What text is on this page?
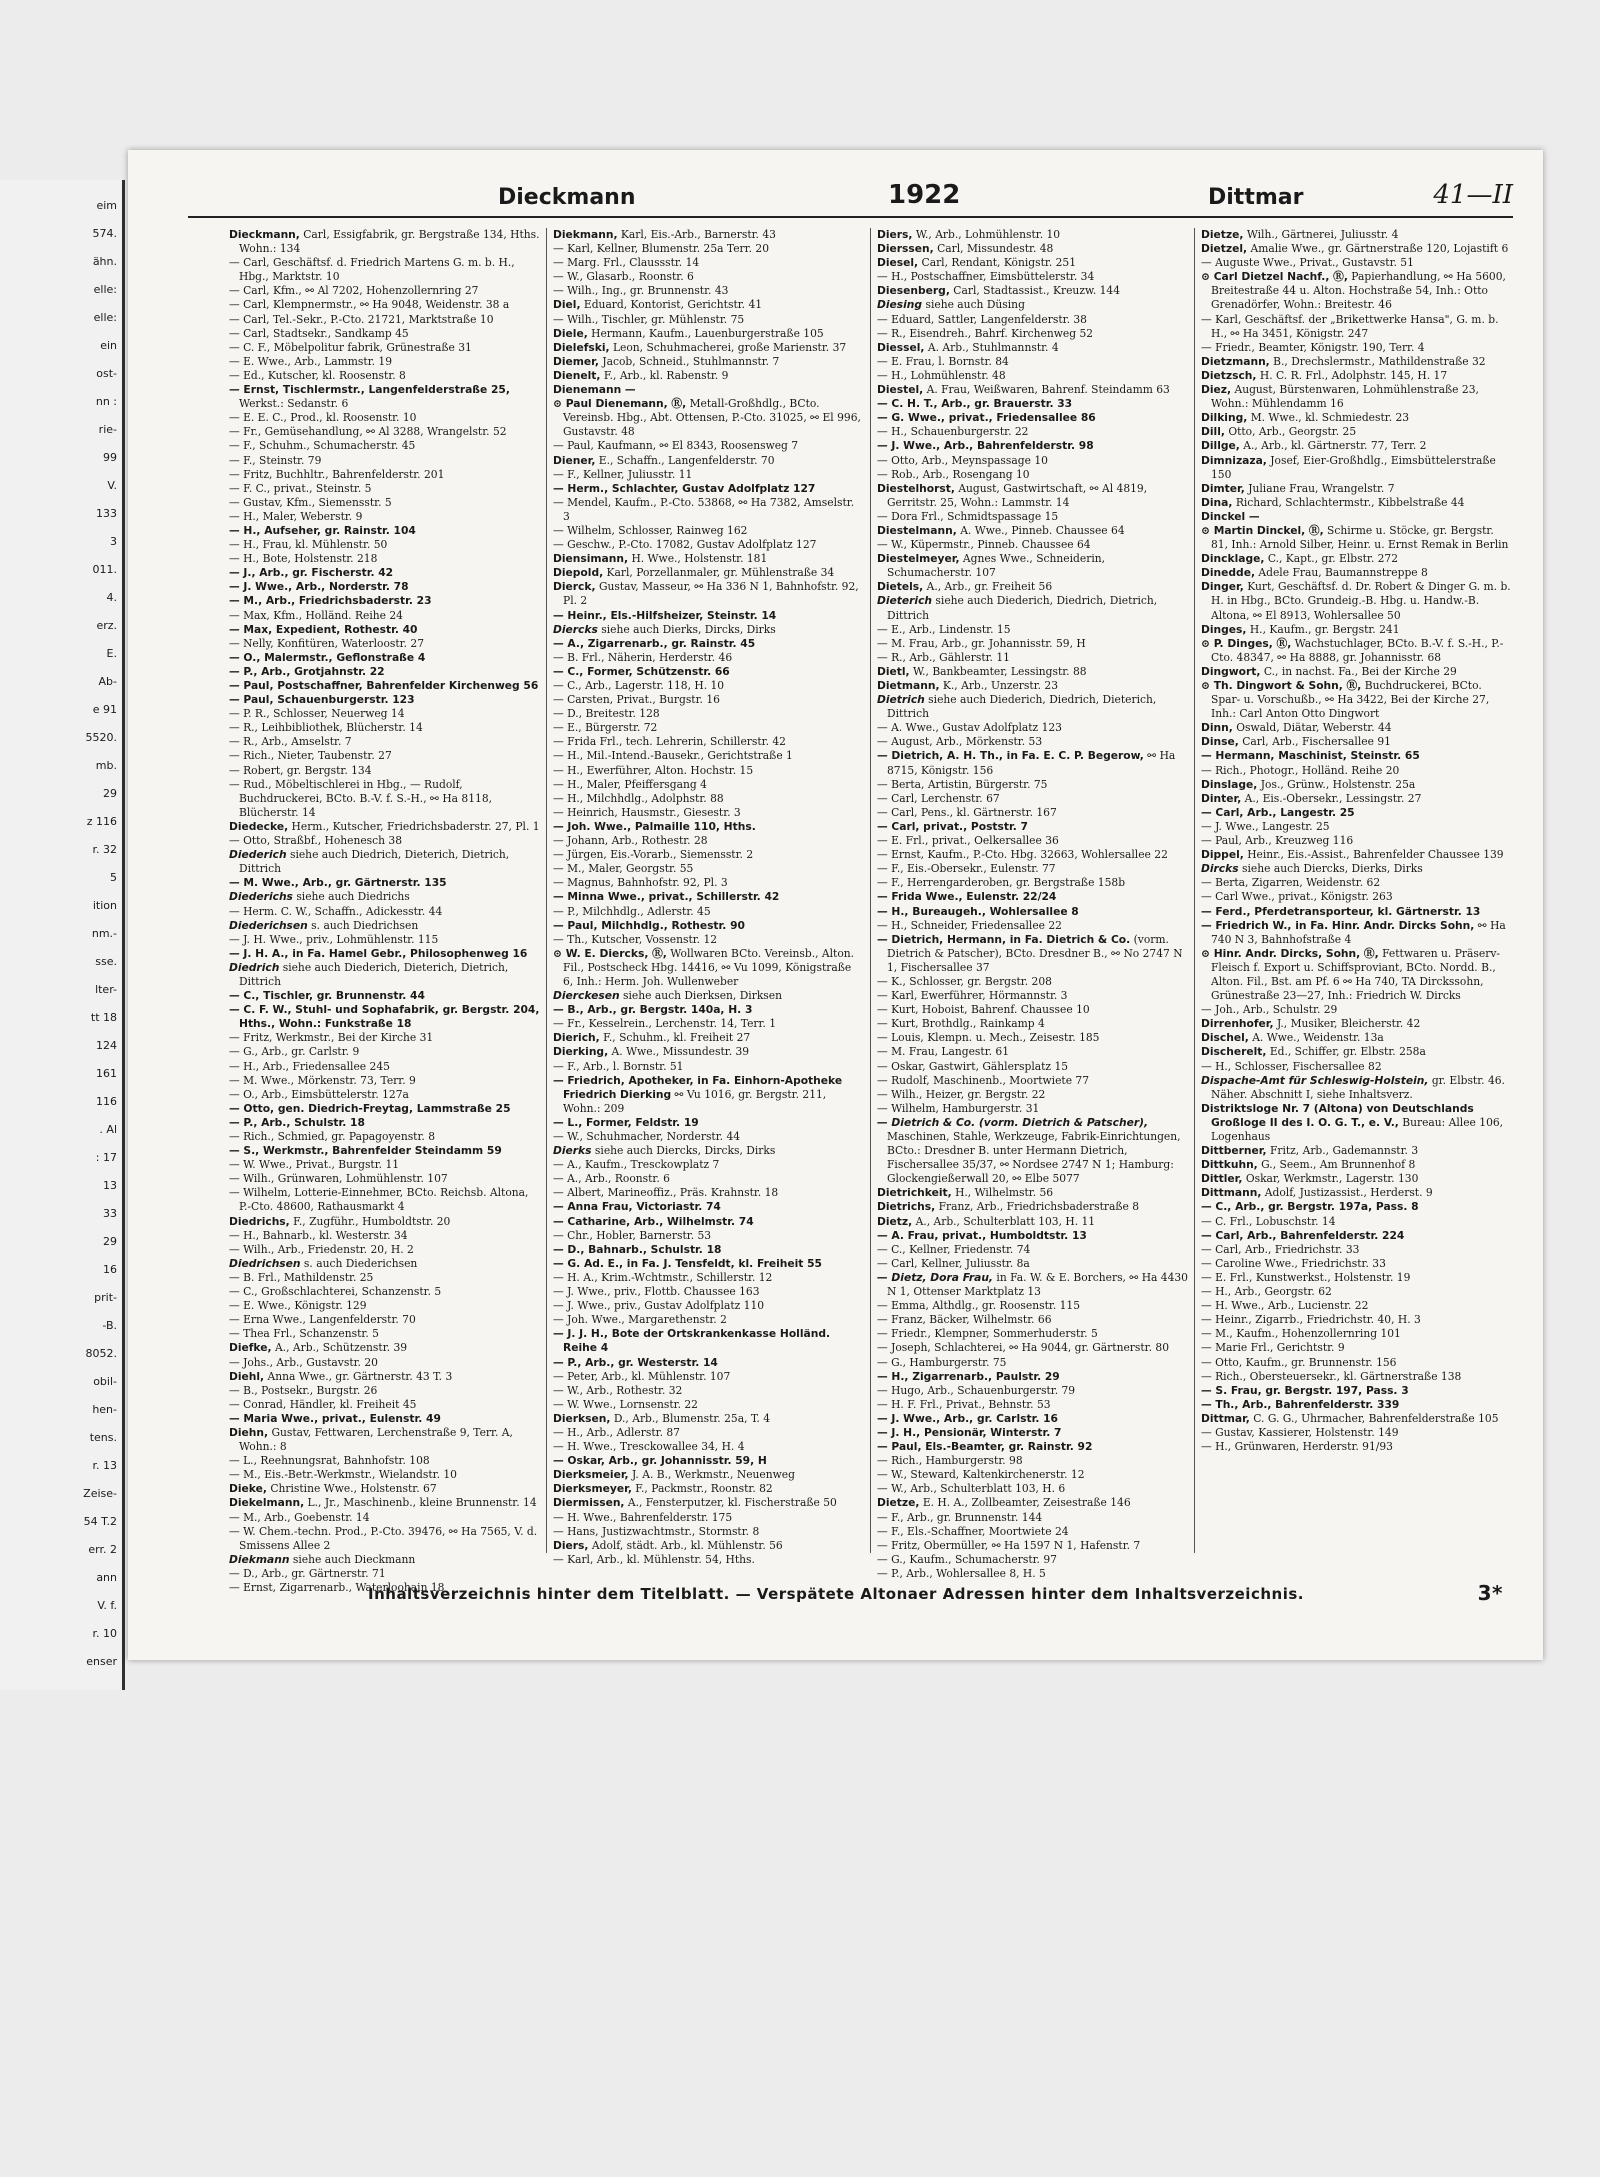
eim
574.
ähn.
elle:
elle:
ein
ost-
nn :
rie-
99
V.
133
3
011.
4.
erz.
E.
Ab-
e 91
5520.
mb.
29
z 116
r. 32
5
ition
nm.-
sse.
lter-
tt 18
124
161
116
. Al
: 17
13
33
29
16
prit-
-B.
8052.
obil-
hen-
tens.
r. 13
Zeise-
54 T.2
err. 2
ann
V. f.
r. 10
enser
Dieckmann	1922	Dittmar	41—II

Dieckmann, Carl, Essigfabrik, gr. Bergstraße 134, Hths. Wohn.: 134

— Carl, Geschäftsf. d. Friedrich Martens G. m. b. H., Hbg., Marktstr. 10

— Carl, Kfm., ⚯ Al 7202, Hohenzollernring 27

— Carl, Klempnermstr., ⚯ Ha 9048, Weidenstr. 38 a

— Carl, Tel.-Sekr., P.-Cto. 21721, Marktstraße 10

— Carl, Stadtsekr., Sandkamp 45

— C. F., Möbelpolitur fabrik, Grünestraße 31

— E. Wwe., Arb., Lammstr. 19

— Ed., Kutscher, kl. Roosenstr. 8

— Ernst, Tischlermstr., Langenfelderstraße 25, Werkst.: Sedanstr. 6

— E. E. C., Prod., kl. Roosenstr. 10

— Fr., Gemüsehandlung, ⚯ Al 3288, Wrangelstr. 52

— F., Schuhm., Schumacherstr. 45

— F., Steinstr. 79

— Fritz, Buchhltr., Bahrenfelderstr. 201

— F. C., privat., Steinstr. 5

— Gustav, Kfm., Siemensstr. 5

— H., Maler, Weberstr. 9

— H., Aufseher, gr. Rainstr. 104

— H., Frau, kl. Mühlenstr. 50

— H., Bote, Holstenstr. 218

— J., Arb., gr. Fischerstr. 42

— J. Wwe., Arb., Norderstr. 78

— M., Arb., Friedrichsbaderstr. 23

— Max, Kfm., Holländ. Reihe 24

— Max, Expedient, Rothestr. 40

— Nelly, Konfitüren, Waterloostr. 27

— O., Malermstr., Geflonstraße 4

— P., Arb., Grotjahnstr. 22

— Paul, Postschaffner, Bahrenfelder Kirchenweg 56

— Paul, Schauenburgerstr. 123

— P. R., Schlosser, Neuerweg 14

— R., Leihbibliothek, Blücherstr. 14

— R., Arb., Amselstr. 7

— Rich., Nieter, Taubenstr. 27

— Robert, gr. Bergstr. 134

— Rud., Möbeltischlerei in Hbg., — Rudolf, Buchdruckerei, BCto. B.-V. f. S.-H., ⚯ Ha 8118, Blücherstr. 14

Diedecke, Herm., Kutscher, Friedrichsbaderstr. 27, Pl. 1

— Otto, Straßbf., Hohenesch 38

Diederich siehe auch Diedrich, Dieterich, Dietrich, Dittrich

— M. Wwe., Arb., gr. Gärtnerstr. 135

Diederichs siehe auch Diedrichs

— Herm. C. W., Schaffn., Adickesstr. 44

Diederichsen s. auch Diedrichsen

— J. H. Wwe., priv., Lohmühlenstr. 115

— J. H. A., in Fa. Hamel Gebr., Philosophenweg 16

Diedrich siehe auch Diederich, Dieterich, Dietrich, Dittrich

— C., Tischler, gr. Brunnenstr. 44

— C. F. W., Stuhl- und Sophafabrik, gr. Bergstr. 204, Hths., Wohn.: Funkstraße 18

— Fritz, Werkmstr., Bei der Kirche 31

— G., Arb., gr. Carlstr. 9

— H., Arb., Friedensallee 245

— M. Wwe., Mörkenstr. 73, Terr. 9

— O., Arb., Eimsbüttelerstr. 127a

— Otto, gen. Diedrich-Freytag, Lammstraße 25

— P., Arb., Schulstr. 18

— Rich., Schmied, gr. Papagoyenstr. 8

— S., Werkmstr., Bahrenfelder Steindamm 59

— W. Wwe., Privat., Burgstr. 11

— Wilh., Grünwaren, Lohmühlenstr. 107

— Wilhelm, Lotterie-Einnehmer, BCto. Reichsb. Altona, P.-Cto. 48600, Rathausmarkt 4

Diedrichs, F., Zugführ., Humboldtstr. 20

— H., Bahnarb., kl. Westerstr. 34

— Wilh., Arb., Friedenstr. 20, H. 2

Diedrichsen s. auch Diederichsen

— B. Frl., Mathildenstr. 25

— C., Großschlachterei, Schanzenstr. 5

— E. Wwe., Königstr. 129

— Erna Wwe., Langenfelderstr. 70

— Thea Frl., Schanzenstr. 5

Diefke, A., Arb., Schützenstr. 39

— Johs., Arb., Gustavstr. 20

Diehl, Anna Wwe., gr. Gärtnerstr. 43 T. 3

— B., Postsekr., Burgstr. 26

— Conrad, Händler, kl. Freiheit 45

— Maria Wwe., privat., Eulenstr. 49

Diehn, Gustav, Fettwaren, Lerchenstraße 9, Terr. A, Wohn.: 8

— L., Reehnungsrat, Bahnhofstr. 108

— M., Eis.-Betr.-Werkmstr., Wielandstr. 10

Dieke, Christine Wwe., Holstenstr. 67

Diekelmann, L., Jr., Maschinenb., kleine Brunnenstr. 14

— M., Arb., Goebenstr. 14

— W. Chem.-techn. Prod., P.-Cto. 39476, ⚯ Ha 7565, V. d. Smissens Allee 2

Diekmann siehe auch Dieckmann

— D., Arb., gr. Gärtnerstr. 71

— Ernst, Zigarrenarb., Waterloohain 18

Diekmann, Karl, Eis.-Arb., Barnerstr. 43

— Karl, Kellner, Blumenstr. 25a Terr. 20

— Marg. Frl., Claussstr. 14

— W., Glasarb., Roonstr. 6

— Wilh., Ing., gr. Brunnenstr. 43

Diel, Eduard, Kontorist, Gerichtstr. 41

— Wilh., Tischler, gr. Mühlenstr. 75

Diele, Hermann, Kaufm., Lauenburgerstraße 105

Dielefski, Leon, Schuhmacherei, große Marienstr. 37

Diemer, Jacob, Schneid., Stuhlmannstr. 7

Dienelt, F., Arb., kl. Rabenstr. 9

Dienemann —

⊙ Paul Dienemann, Ⓡ, Metall-Großhdlg., BCto. Vereinsb. Hbg., Abt. Ottensen, P.-Cto. 31025, ⚯ El 996, Gustavstr. 48

— Paul, Kaufmann, ⚯ El 8343, Roosensweg 7

Diener, E., Schaffn., Langenfelderstr. 70

— F., Kellner, Juliusstr. 11

— Herm., Schlachter, Gustav Adolfplatz 127

— Mendel, Kaufm., P.-Cto. 53868, ⚯ Ha 7382, Amselstr. 3

— Wilhelm, Schlosser, Rainweg 162

— Geschw., P.-Cto. 17082, Gustav Adolfplatz 127

Diensimann, H. Wwe., Holstenstr. 181

Diepold, Karl, Porzellanmaler, gr. Mühlenstraße 34

Dierck, Gustav, Masseur, ⚯ Ha 336 N 1, Bahnhofstr. 92, Pl. 2

— Heinr., Els.-Hilfsheizer, Steinstr. 14

Diercks siehe auch Dierks, Dircks, Dirks

— A., Zigarrenarb., gr. Rainstr. 45

— B. Frl., Näherin, Herderstr. 46

— C., Former, Schützenstr. 66

— C., Arb., Lagerstr. 118, H. 10

— Carsten, Privat., Burgstr. 16

— D., Breitestr. 128

— E., Bürgerstr. 72

— Frida Frl., tech. Lehrerin, Schillerstr. 42

— H., Mil.-Intend.-Bausekr., Gerichtstraße 1

— H., Ewerführer, Alton. Hochstr. 15

— H., Maler, Pfeiffersgang 4

— H., Milchhdlg., Adolphstr. 88

— Heinrich, Hausmstr., Giesestr. 3

— Joh. Wwe., Palmaille 110, Hths.

— Johann, Arb., Rothestr. 28

— Jürgen, Eis.-Vorarb., Siemensstr. 2

— M., Maler, Georgstr. 55

— Magnus, Bahnhofstr. 92, Pl. 3

— Minna Wwe., privat., Schillerstr. 42

— P., Milchhdlg., Adlerstr. 45

— Paul, Milchhdlg., Rothestr. 90

— Th., Kutscher, Vossenstr. 12

⊙ W. E. Diercks, Ⓡ, Wollwaren BCto. Vereinsb., Alton. Fil., Postscheck Hbg. 14416, ⚯ Vu 1099, Königstraße 6, Inh.: Herm. Joh. Wullenweber

Dierckesen siehe auch Dierksen, Dirksen

— B., Arb., gr. Bergstr. 140a, H. 3

— Fr., Kesselrein., Lerchenstr. 14, Terr. 1

Dierich, F., Schuhm., kl. Freiheit 27

Dierking, A. Wwe., Missundestr. 39

— F., Arb., l. Bornstr. 51

— Friedrich, Apotheker, in Fa. Einhorn-Apotheke Friedrich Dierking ⚯ Vu 1016, gr. Bergstr. 211, Wohn.: 209

— L., Former, Feldstr. 19

— W., Schuhmacher, Norderstr. 44

Dierks siehe auch Diercks, Dircks, Dirks

— A., Kaufm., Tresckowplatz 7

— A., Arb., Roonstr. 6

— Albert, Marineoffiz., Präs. Krahnstr. 18

— Anna Frau, Victoriastr. 74

— Catharine, Arb., Wilhelmstr. 74

— Chr., Hobler, Barnerstr. 53

— D., Bahnarb., Schulstr. 18

— G. Ad. E., in Fa. J. Tensfeldt, kl. Freiheit 55

— H. A., Krim.-Wchtmstr., Schillerstr. 12

— J. Wwe., priv., Flottb. Chaussee 163

— J. Wwe., priv., Gustav Adolfplatz 110

— Joh. Wwe., Margarethenstr. 2

— J. J. H., Bote der Ortskrankenkasse Holländ. Reihe 4

— P., Arb., gr. Westerstr. 14

— Peter, Arb., kl. Mühlenstr. 107

— W., Arb., Rothestr. 32

— W. Wwe., Lornsenstr. 22

Dierksen, D., Arb., Blumenstr. 25a, T. 4

— H., Arb., Adlerstr. 87

— H. Wwe., Tresckowallee 34, H. 4

— Oskar, Arb., gr. Johannisstr. 59, H

Dierksmeier, J. A. B., Werkmstr., Neuenweg

Dierksmeyer, F., Packmstr., Roonstr. 82

Diermissen, A., Fensterputzer, kl. Fischerstraße 50

— H. Wwe., Bahrenfelderstr. 175

— Hans, Justizwachtmstr., Stormstr. 8

Diers, Adolf, städt. Arb., kl. Mühlenstr. 56

— Karl, Arb., kl. Mühlenstr. 54, Hths.

Diers, W., Arb., Lohmühlenstr. 10

Dierssen, Carl, Missundestr. 48

Diesel, Carl, Rendant, Königstr. 251

— H., Postschaffner, Eimsbüttelerstr. 34

Diesenberg, Carl, Stadtassist., Kreuzw. 144

Diesing siehe auch Düsing

— Eduard, Sattler, Langenfelderstr. 38

— R., Eisendreh., Bahrf. Kirchenweg 52

Diessel, A. Arb., Stuhlmannstr. 4

— E. Frau, l. Bornstr. 84

— H., Lohmühlenstr. 48

Diestel, A. Frau, Weißwaren, Bahrenf. Steindamm 63

— C. H. T., Arb., gr. Brauerstr. 33

— G. Wwe., privat., Friedensallee 86

— H., Schauenburgerstr. 22

— J. Wwe., Arb., Bahrenfelderstr. 98

— Otto, Arb., Meynspassage 10

— Rob., Arb., Rosengang 10

Diestelhorst, August, Gastwirtschaft, ⚯ Al 4819, Gerritstr. 25, Wohn.: Lammstr. 14

— Dora Frl., Schmidtspassage 15

Diestelmann, A. Wwe., Pinneb. Chaussee 64

— W., Küpermstr., Pinneb. Chaussee 64

Diestelmeyer, Agnes Wwe., Schneiderin, Schumacherstr. 107

Dietels, A., Arb., gr. Freiheit 56

Dieterich siehe auch Diederich, Diedrich, Dietrich, Dittrich

— E., Arb., Lindenstr. 15

— M. Frau, Arb., gr. Johannisstr. 59, H

— R., Arb., Gählerstr. 11

Dietl, W., Bankbeamter, Lessingstr. 88

Dietmann, K., Arb., Unzerstr. 23

Dietrich siehe auch Diederich, Diedrich, Dieterich, Dittrich

— A. Wwe., Gustav Adolfplatz 123

— August, Arb., Mörkenstr. 53

— Dietrich, A. H. Th., in Fa. E. C. P. Begerow, ⚯ Ha 8715, Königstr. 156

— Berta, Artistin, Bürgerstr. 75

— Carl, Lerchenstr. 67

— Carl, Pens., kl. Gärtnerstr. 167

— Carl, privat., Poststr. 7

— E. Frl., privat., Oelkersallee 36

— Ernst, Kaufm., P.-Cto. Hbg. 32663, Wohlersallee 22

— F., Eis.-Obersekr., Eulenstr. 77

— F., Herrengarderoben, gr. Bergstraße 158b

— Frida Wwe., Eulenstr. 22/24

— H., Bureaugeh., Wohlersallee 8

— H., Schneider, Friedensallee 22

— Dietrich, Hermann, in Fa. Dietrich & Co. (vorm. Dietrich & Patscher), BCto. Dresdner B., ⚯ No 2747 N 1, Fischersallee 37

— K., Schlosser, gr. Bergstr. 208

— Karl, Ewerführer, Hörmannstr. 3

— Kurt, Hoboist, Bahrenf. Chaussee 10

— Kurt, Brothdlg., Rainkamp 4

— Louis, Klempn. u. Mech., Zeisestr. 185

— M. Frau, Langestr. 61

— Oskar, Gastwirt, Gählersplatz 15

— Rudolf, Maschinenb., Moortwiete 77

— Wilh., Heizer, gr. Bergstr. 22

— Wilhelm, Hamburgerstr. 31

— Dietrich & Co. (vorm. Dietrich & Patscher), Maschinen, Stahle, Werkzeuge, Fabrik-Einrichtungen, BCto.: Dresdner B. unter Hermann Dietrich, Fischersallee 35/37, ⚯ Nordsee 2747 N 1; Hamburg: Glockengießerwall 20, ⚯ Elbe 5077

Dietrichkeit, H., Wilhelmstr. 56

Dietrichs, Franz, Arb., Friedrichsbaderstraße 8

Dietz, A., Arb., Schulterblatt 103, H. 11

— A. Frau, privat., Humboldtstr. 13

— C., Kellner, Friedenstr. 74

— Carl, Kellner, Juliusstr. 8a

— Dietz, Dora Frau, in Fa. W. & E. Borchers, ⚯ Ha 4430 N 1, Ottenser Marktplatz 13

— Emma, Althdlg., gr. Roosenstr. 115

— Franz, Bäcker, Wilhelmstr. 66

— Friedr., Klempner, Sommerhuderstr. 5

— Joseph, Schlachterei, ⚯ Ha 9044, gr. Gärtnerstr. 80

— G., Hamburgerstr. 75

— H., Zigarrenarb., Paulstr. 29

— Hugo, Arb., Schauenburgerstr. 79

— H. F. Frl., Privat., Behnstr. 53

— J. Wwe., Arb., gr. Carlstr. 16

— J. H., Pensionär, Winterstr. 7

— Paul, Els.-Beamter, gr. Rainstr. 92

— Rich., Hamburgerstr. 98

— W., Steward, Kaltenkirchenerstr. 12

— W., Arb., Schulterblatt 103, H. 6

Dietze, E. H. A., Zollbeamter, Zeisestraße 146

— F., Arb., gr. Brunnenstr. 144

— F., Els.-Schaffner, Moortwiete 24

— Fritz, Obermüller, ⚯ Ha 1597 N 1, Hafenstr. 7

— G., Kaufm., Schumacherstr. 97

— P., Arb., Wohlersallee 8, H. 5

Dietze, Wilh., Gärtnerei, Juliusstr. 4

Dietzel, Amalie Wwe., gr. Gärtnerstraße 120, Lojastift 6

— Auguste Wwe., Privat., Gustavstr. 51

⊙ Carl Dietzel Nachf., Ⓡ, Papierhandlung, ⚯ Ha 5600, Breitestraße 44 u. Alton. Hochstraße 54, Inh.: Otto Grenadörfer, Wohn.: Breitestr. 46

— Karl, Geschäftsf. der „Brikettwerke Hansa", G. m. b. H., ⚯ Ha 3451, Königstr. 247

— Friedr., Beamter, Königstr. 190, Terr. 4

Dietzmann, B., Drechslermstr., Mathildenstraße 32

Dietzsch, H. C. R. Frl., Adolphstr. 145, H. 17

Diez, August, Bürstenwaren, Lohmühlenstraße 23, Wohn.: Mühlendamm 16

Dilking, M. Wwe., kl. Schmiedestr. 23

Dill, Otto, Arb., Georgstr. 25

Dillge, A., Arb., kl. Gärtnerstr. 77, Terr. 2

Dimnizaza, Josef, Eier-Großhdlg., Eimsbüttelerstraße 150

Dimter, Juliane Frau, Wrangelstr. 7

Dina, Richard, Schlachtermstr., Kibbelstraße 44

Dinckel —

⊙ Martin Dinckel, Ⓡ, Schirme u. Stöcke, gr. Bergstr. 81, Inh.: Arnold Silber, Heinr. u. Ernst Remak in Berlin

Dincklage, C., Kapt., gr. Elbstr. 272

Dinedde, Adele Frau, Baumannstreppe 8

Dinger, Kurt, Geschäftsf. d. Dr. Robert & Dinger G. m. b. H. in Hbg., BCto. Grundeig.-B. Hbg. u. Handw.-B. Altona, ⚯ El 8913, Wohlersallee 50

Dinges, H., Kaufm., gr. Bergstr. 241

⊙ P. Dinges, Ⓡ, Wachstuchlager, BCto. B.-V. f. S.-H., P.-Cto. 48347, ⚯ Ha 8888, gr. Johannisstr. 68

Dingwort, C., in nachst. Fa., Bei der Kirche 29

⊙ Th. Dingwort & Sohn, Ⓡ, Buchdruckerei, BCto. Spar- u. Vorschußb., ⚯ Ha 3422, Bei der Kirche 27, Inh.: Carl Anton Otto Dingwort

Dinn, Oswald, Diätar, Weberstr. 44

Dinse, Carl, Arb., Fischersallee 91

— Hermann, Maschinist, Steinstr. 65

— Rich., Photogr., Holländ. Reihe 20

Dinslage, Jos., Grünw., Holstenstr. 25a

Dinter, A., Eis.-Obersekr., Lessingstr. 27

— Carl, Arb., Langestr. 25

— J. Wwe., Langestr. 25

— Paul, Arb., Kreuzweg 116

Dippel, Heinr., Eis.-Assist., Bahrenfelder Chaussee 139

Dircks siehe auch Diercks, Dierks, Dirks

— Berta, Zigarren, Weidenstr. 62

— Carl Wwe., privat., Königstr. 263

— Ferd., Pferdetransporteur, kl. Gärtnerstr. 13

— Friedrich W., in Fa. Hinr. Andr. Dircks Sohn, ⚯ Ha 740 N 3, Bahnhofstraße 4

⊙ Hinr. Andr. Dircks, Sohn, Ⓡ, Fettwaren u. Präserv-Fleisch f. Export u. Schiffsproviant, BCto. Nordd. B., Alton. Fil., Bst. am Pf. 6 ⚯ Ha 740, TA Dirckssohn, Grünestraße 23—27, Inh.: Friedrich W. Dircks

— Joh., Arb., Schulstr. 29

Dirrenhofer, J., Musiker, Bleicherstr. 42

Dischel, A. Wwe., Weidenstr. 13a

Discherelt, Ed., Schiffer, gr. Elbstr. 258a

— H., Schlosser, Fischersallee 82

Dispache-Amt für Schleswig-Holstein, gr. Elbstr. 46. Näher. Abschnitt I, siehe Inhaltsverz.

Distriktsloge Nr. 7 (Altona) von Deutschlands Großloge II des I. O. G. T., e. V., Bureau: Allee 106, Logenhaus

Dittberner, Fritz, Arb., Gademannstr. 3

Dittkuhn, G., Seem., Am Brunnenhof 8

Dittler, Oskar, Werkmstr., Lagerstr. 130

Dittmann, Adolf, Justizassist., Herderst. 9

— C., Arb., gr. Bergstr. 197a, Pass. 8

— C. Frl., Lobuschstr. 14

— Carl, Arb., Bahrenfelderstr. 224

— Carl, Arb., Friedrichstr. 33

— Caroline Wwe., Friedrichstr. 33

— E. Frl., Kunstwerkst., Holstenstr. 19

— H., Arb., Georgstr. 62

— H. Wwe., Arb., Lucienstr. 22

— Heinr., Zigarrb., Friedrichstr. 40, H. 3

— M., Kaufm., Hohenzollernring 101

— Marie Frl., Gerichtstr. 9

— Otto, Kaufm., gr. Brunnenstr. 156

— Rich., Obersteuersekr., kl. Gärtnerstraße 138

— S. Frau, gr. Bergstr. 197, Pass. 3

— Th., Arb., Bahrenfelderstr. 339

Dittmar, C. G. G., Uhrmacher, Bahrenfelderstraße 105

— Gustav, Kassierer, Holstenstr. 149

— H., Grünwaren, Herderstr. 91/93

Inhaltsverzeichnis hinter dem Titelblatt. — Verspätete Altonaer Adressen hinter dem Inhaltsverzeichnis.	3*
